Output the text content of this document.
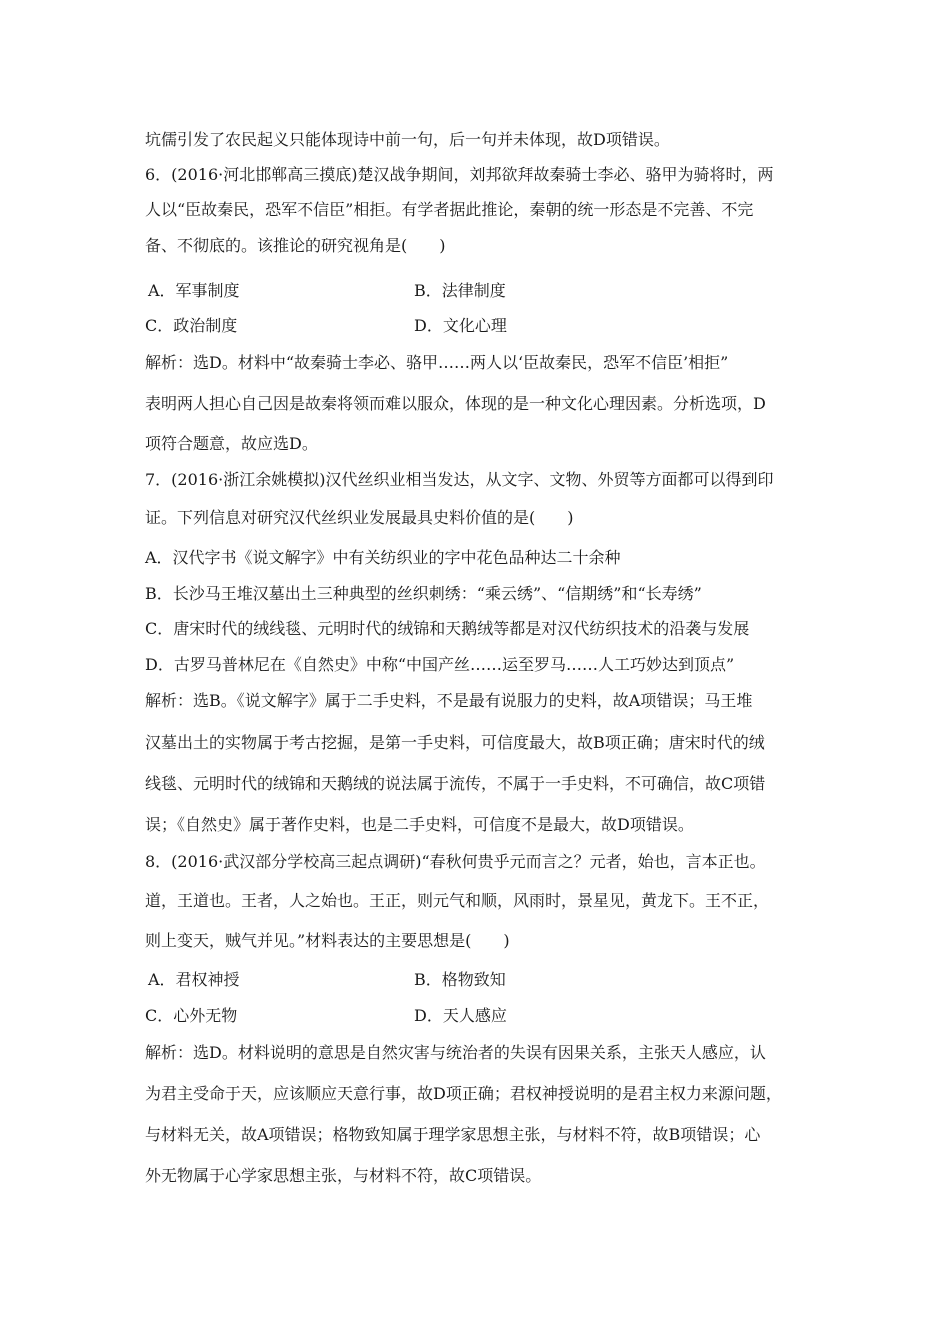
坑儒引发了农民起义只能体现诗中前一句，后一句并未体现，故D项错误。
6．(2016·河北邯郸高三摸底)楚汉战争期间，刘邦欲拜故秦骑士李必、骆甲为骑将时，两
人以“臣故秦民，恐军不信臣”相拒。有学者据此推论，秦朝的统一形态是不完善、不完
备、不彻底的。该推论的研究视角是(　　)
A．军事制度	B．法律制度
C．政治制度	D．文化心理
解析：选D。材料中“故秦骑士李必、骆甲……两人以‘臣故秦民，恐军不信臣’相拒”
表明两人担心自己因是故秦将领而难以服众，体现的是一种文化心理因素。分析选项，D
项符合题意，故应选D。
7．(2016·浙江余姚模拟)汉代丝织业相当发达，从文字、文物、外贸等方面都可以得到印
证。下列信息对研究汉代丝织业发展最具史料价值的是(　　)
A．汉代字书《说文解字》中有关纺织业的字中花色品种达二十余种
B．长沙马王堆汉墓出土三种典型的丝织刺绣：“乘云绣”、“信期绣”和“长寿绣”
C．唐宋时代的绒线毯、元明时代的绒锦和天鹅绒等都是对汉代纺织技术的沿袭与发展
D．古罗马普林尼在《自然史》中称“中国产丝……运至罗马……人工巧妙达到顶点”
解析：选B。《说文解字》属于二手史料，不是最有说服力的史料，故A项错误；马王堆
汉墓出土的实物属于考古挖掘，是第一手史料，可信度最大，故B项正确；唐宋时代的绒
线毯、元明时代的绒锦和天鹅绒的说法属于流传，不属于一手史料，不可确信，故C项错
误；《自然史》属于著作史料，也是二手史料，可信度不是最大，故D项错误。
8．(2016·武汉部分学校高三起点调研)“春秋何贵乎元而言之？元者，始也，言本正也。
道，王道也。王者，人之始也。王正，则元气和顺，风雨时，景星见，黄龙下。王不正，
则上变天，贼气并见。”材料表达的主要思想是(　　)
A．君权神授	B．格物致知
C．心外无物	D．天人感应
解析：选D。材料说明的意思是自然灾害与统治者的失误有因果关系，主张天人感应，认
为君主受命于天，应该顺应天意行事，故D项正确；君权神授说明的是君主权力来源问题，
与材料无关，故A项错误；格物致知属于理学家思想主张，与材料不符，故B项错误；心
外无物属于心学家思想主张，与材料不符，故C项错误。
